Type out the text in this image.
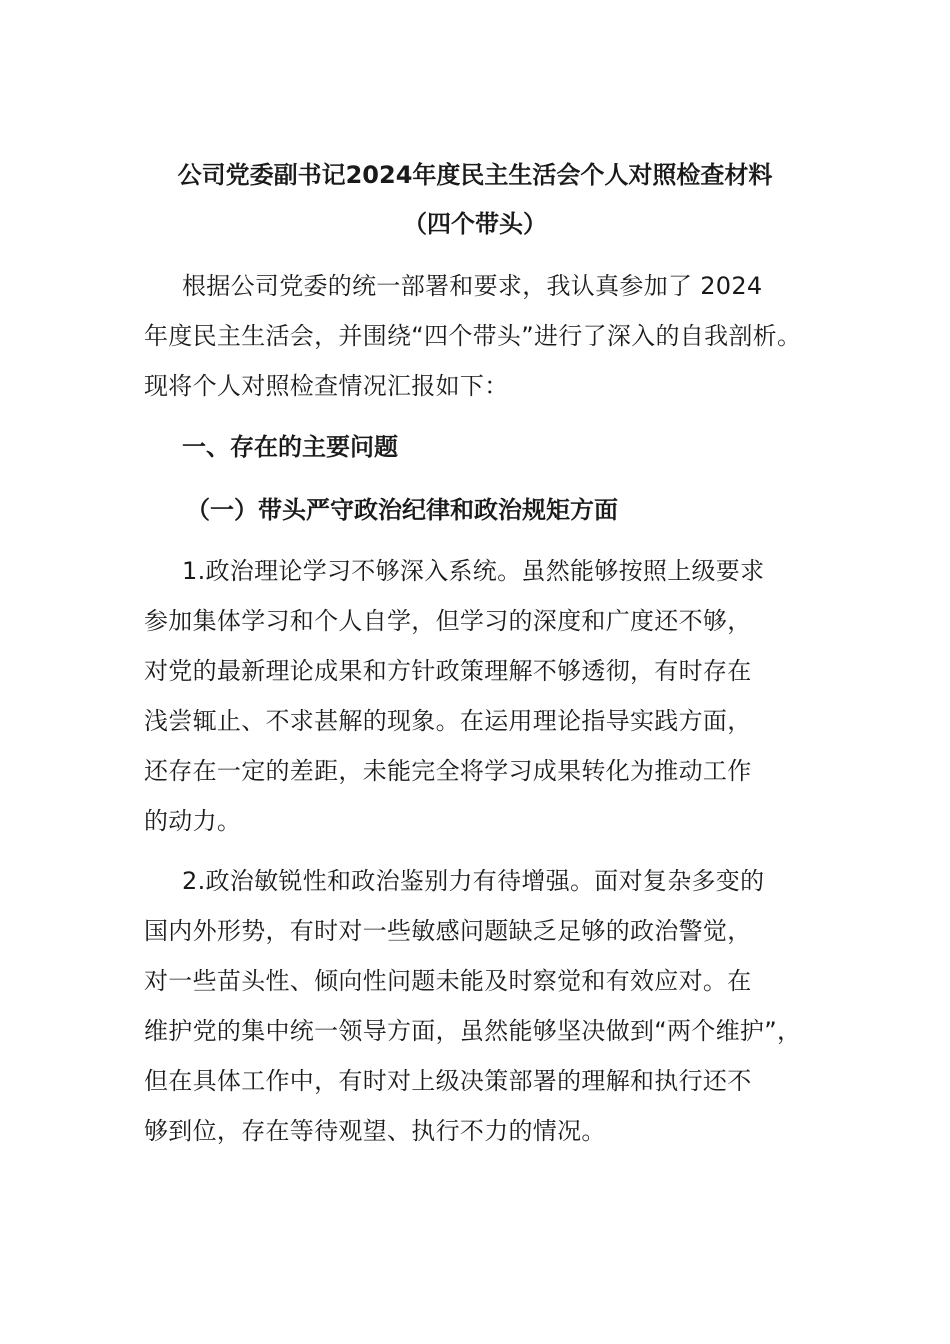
公司党委副书记2024年度民主生活会个人对照检查材料
（四个带头）

根据公司党委的统一部署和要求，我认真参加了 2024
年度民主生活会，并围绕“四个带头”进行了深入的自我剖析。
现将个人对照检查情况汇报如下：

一、存在的主要问题
（一）带头严守政治纪律和政治规矩方面

1.政治理论学习不够深入系统。虽然能够按照上级要求
参加集体学习和个人自学，但学习的深度和广度还不够，
对党的最新理论成果和方针政策理解不够透彻，有时存在
浅尝辄止、不求甚解的现象。在运用理论指导实践方面，
还存在一定的差距，未能完全将学习成果转化为推动工作
的动力。

2.政治敏锐性和政治鉴别力有待增强。面对复杂多变的
国内外形势，有时对一些敏感问题缺乏足够的政治警觉，
对一些苗头性、倾向性问题未能及时察觉和有效应对。在
维护党的集中统一领导方面，虽然能够坚决做到“两个维护”，
但在具体工作中，有时对上级决策部署的理解和执行还不
够到位，存在等待观望、执行不力的情况。
